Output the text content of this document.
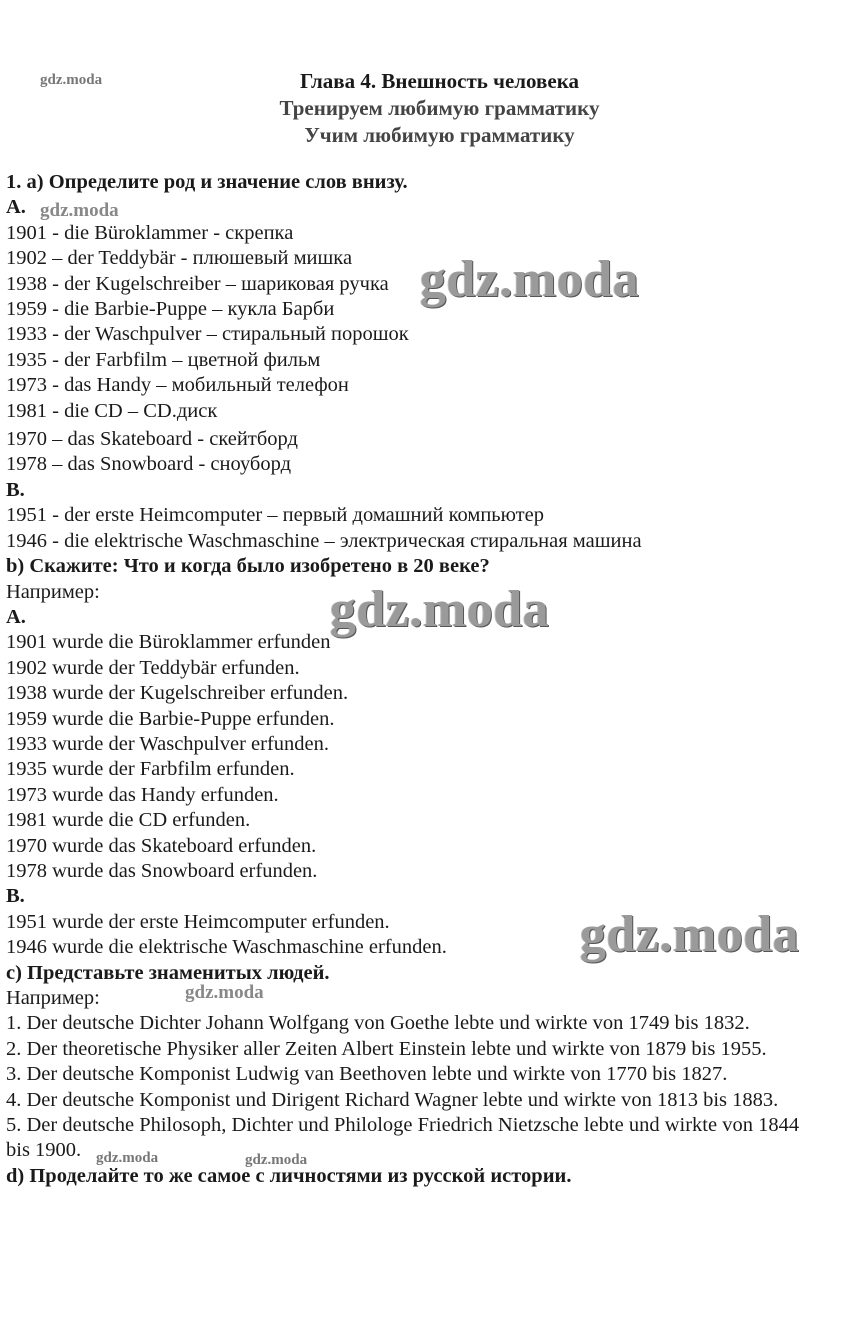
gdz.moda
gdz.moda
gdz.moda
gdz.moda
gdz.moda
gdz.moda
gdz.moda	gdz.moda
Глава 4. Внешность человека
Тренируем любимую грамматику
Учим любимую грамматику
1. а) Определите род и значение слов внизу.
А.
1901 - die Büroklammer - скрепка
1902 – der Teddybär - плюшевый мишка
1938 - der Kugelschreiber – шариковая ручка
1959 - die Barbie-Puppe – кукла Барби
1933 - der Waschpulver – стиральный порошок
1935 - der Farbfilm – цветной фильм
1973 - das Handy – мобильный телефон
1981 - die CD – CD.диск
1970 – das Skateboard - скейтборд
1978 – das Snowboard - сноуборд
В.
1951 - der erste Heimcomputer – первый домашний компьютер
1946 - die elektrische Waschmaschine – электрическая стиральная машина
b) Скажите: Что и когда было изобретено в 20 веке?
Например:
А.
1901 wurde die Büroklammer erfunden
1902 wurde der Teddybär erfunden.
1938 wurde der Kugelschreiber erfunden.
1959 wurde die Barbie-Puppe erfunden.
1933 wurde der Waschpulver erfunden.
1935 wurde der Farbfilm erfunden.
1973 wurde das Handy erfunden.
1981 wurde die CD erfunden.
1970 wurde das Skateboard erfunden.
1978 wurde das Snowboard erfunden.
В.
1951 wurde der erste Heimcomputer erfunden.
1946 wurde die elektrische Waschmaschine erfunden.
c) Представьте знаменитых людей.
Например:
1. Der deutsche Dichter Johann Wolfgang von Goethe lebte und wirkte von 1749 bis 1832.
2. Der theoretische Physiker aller Zeiten Albert Einstein lebte und wirkte von 1879 bis 1955.
3. Der deutsche Komponist Ludwig van Beethoven lebte und wirkte von 1770 bis 1827.
4. Der deutsche Komponist und Dirigent Richard Wagner lebte und wirkte von 1813 bis 1883.
5. Der deutsche Philosoph, Dichter und Philologe Friedrich Nietzsche lebte und wirkte von 1844
bis 1900.
d) Проделайте то же самое с личностями из русской истории.
